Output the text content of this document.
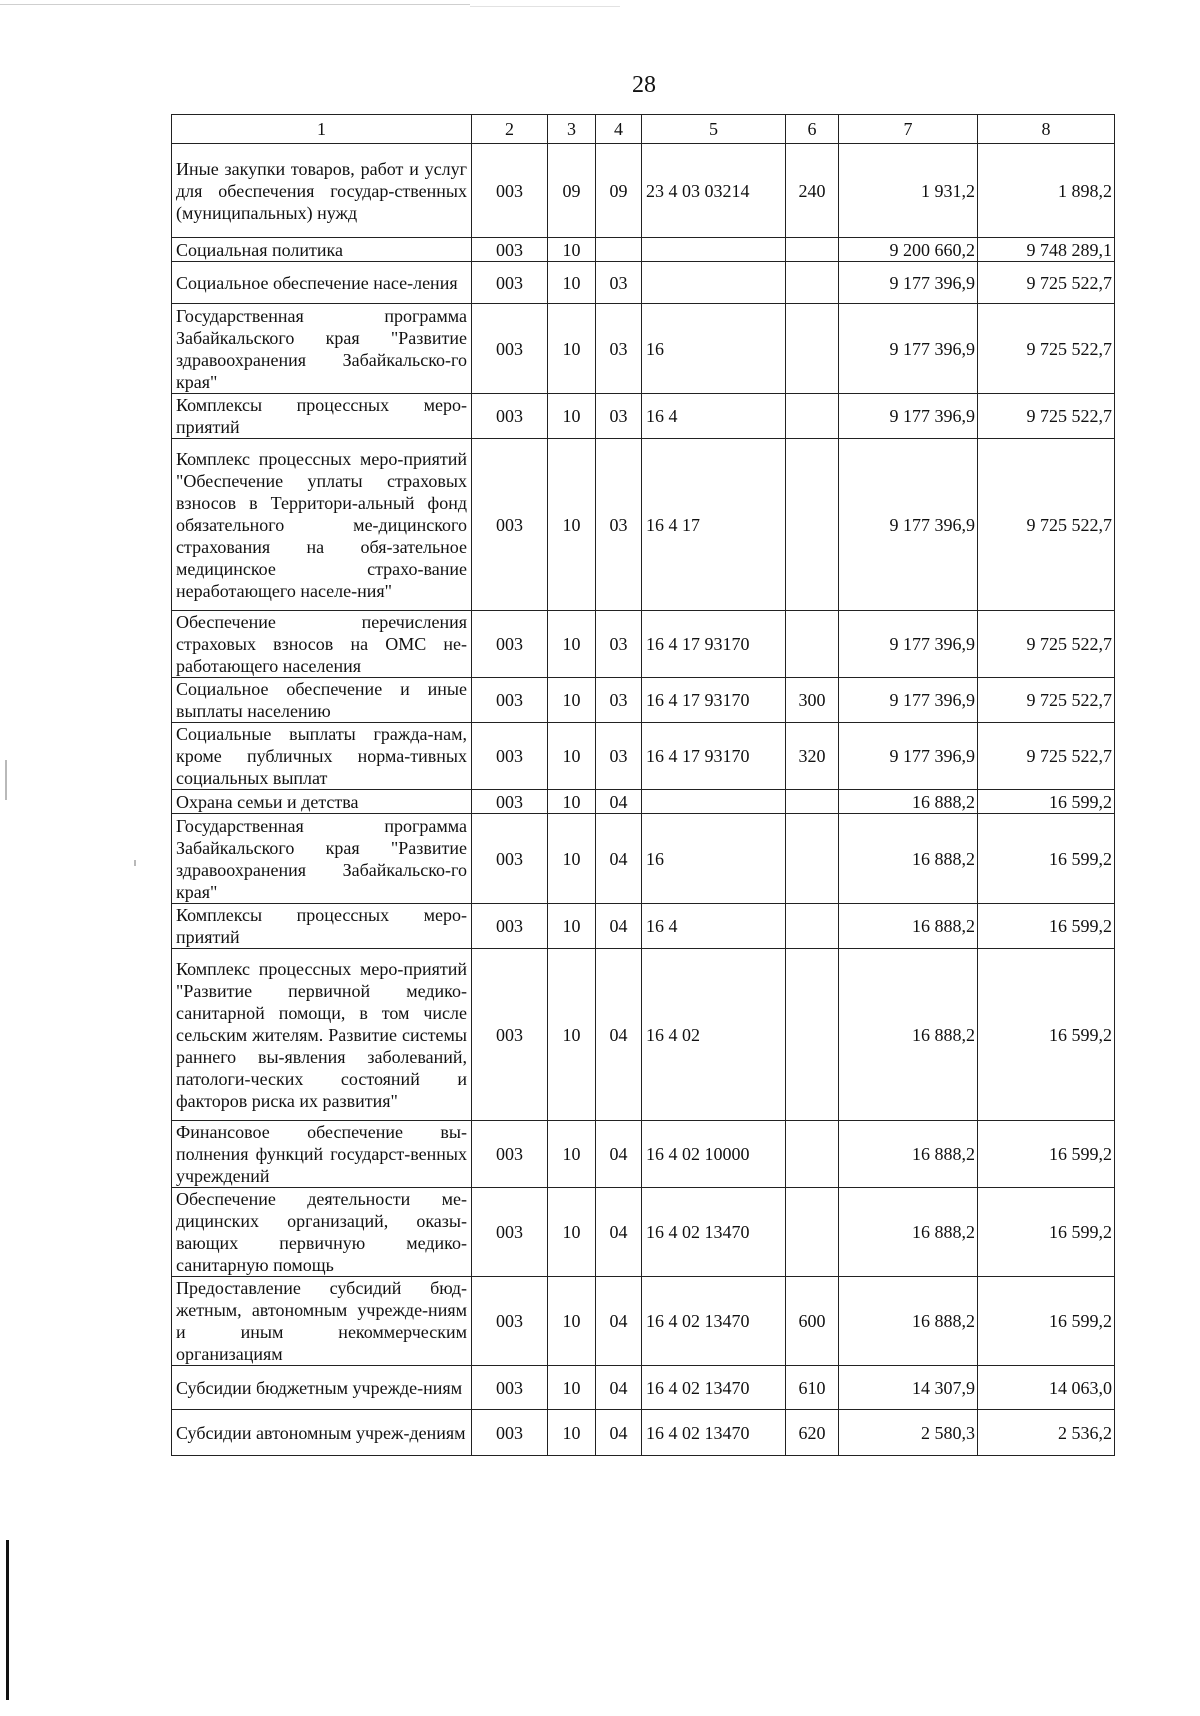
28
1	2	3	4	5	6	7	8
Иные закупки товаров, работ и услуг для обеспечения государ-ственных (муниципальных) нужд	003	09	09	23 4 03 03214	240	1 931,2	1 898,2
Социальная политика	003	10				9 200 660,2	9 748 289,1
Социальное обеспечение насе-ления	003	10	03			9 177 396,9	9 725 522,7
Государственная программа Забайкальского края "Развитие здравоохранения Забайкальско-го края"	003	10	03	16		9 177 396,9	9 725 522,7
Комплексы процессных меро-приятий	003	10	03	16 4		9 177 396,9	9 725 522,7
Комплекс процессных меро-приятий "Обеспечение уплаты страховых взносов в Территори-альный фонд обязательного ме-дицинского страхования на обя-зательное медицинское страхо-вание неработающего населе-ния"	003	10	03	16 4 17		9 177 396,9	9 725 522,7
Обеспечение перечисления страховых взносов на ОМС не-работающего населения	003	10	03	16 4 17 93170		9 177 396,9	9 725 522,7
Социальное обеспечение и иные выплаты населению	003	10	03	16 4 17 93170	300	9 177 396,9	9 725 522,7
Социальные выплаты гражда-нам, кроме публичных норма-тивных социальных выплат	003	10	03	16 4 17 93170	320	9 177 396,9	9 725 522,7
Охрана семьи и детства	003	10	04			16 888,2	16 599,2
Государственная программа Забайкальского края "Развитие здравоохранения Забайкальско-го края"	003	10	04	16		16 888,2	16 599,2
Комплексы процессных меро-приятий	003	10	04	16 4		16 888,2	16 599,2
Комплекс процессных меро-приятий "Развитие первичной медико-санитарной помощи, в том числе сельским жителям. Развитие системы раннего вы-явления заболеваний, патологи-ческих состояний и факторов риска их развития"	003	10	04	16 4 02		16 888,2	16 599,2
Финансовое обеспечение вы-полнения функций государст-венных учреждений	003	10	04	16 4 02 10000		16 888,2	16 599,2
Обеспечение деятельности ме-дицинских организаций, оказы-вающих первичную медико-санитарную помощь	003	10	04	16 4 02 13470		16 888,2	16 599,2
Предоставление субсидий бюд-жетным, автономным учрежде-ниям и иным некоммерческим организациям	003	10	04	16 4 02 13470	600	16 888,2	16 599,2
Субсидии бюджетным учрежде-ниям	003	10	04	16 4 02 13470	610	14 307,9	14 063,0
Субсидии автономным учреж-дениям	003	10	04	16 4 02 13470	620	2 580,3	2 536,2
